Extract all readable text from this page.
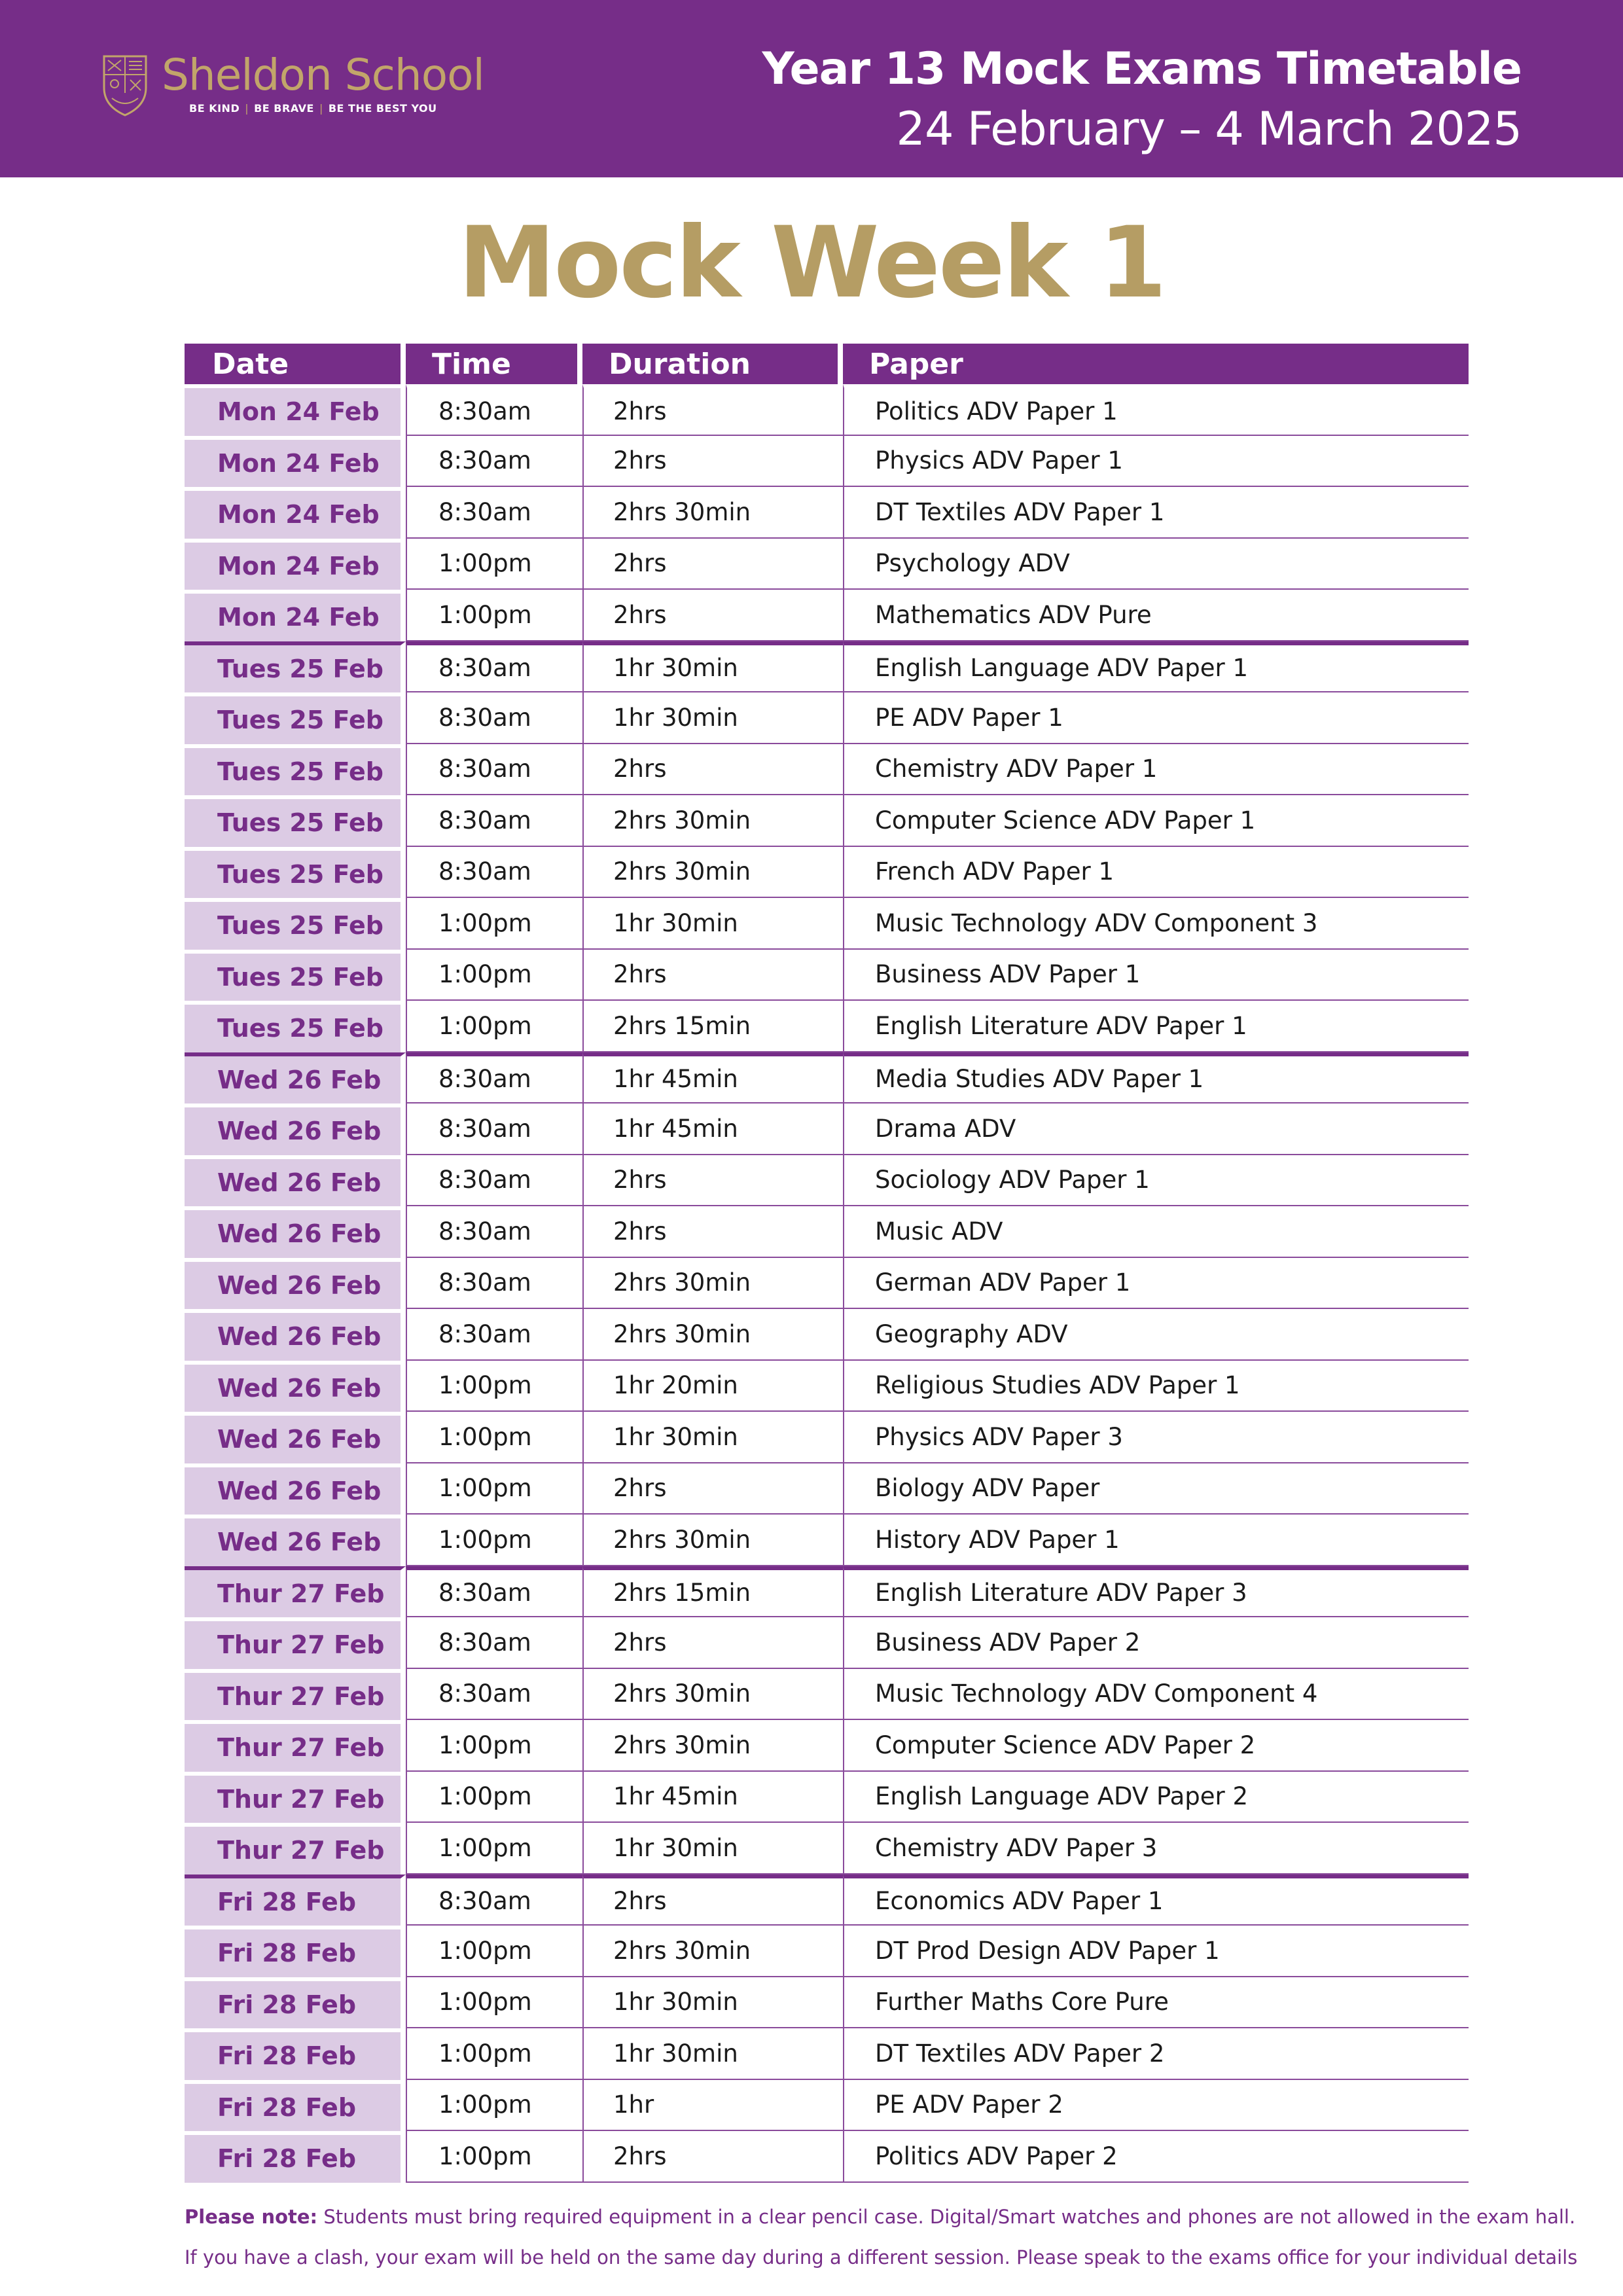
Sheldon School
BE KIND | BE BRAVE | BE THE BEST YOU
Year 13 Mock Exams Timetable
24 February – 4 March 2025
Mock Week 1
Date	Time	Duration	Paper
Mon 24 Feb	8:30am	2hrs	Politics ADV Paper 1
Mon 24 Feb	8:30am	2hrs	Physics ADV Paper 1
Mon 24 Feb	8:30am	2hrs 30min	DT Textiles ADV Paper 1
Mon 24 Feb	1:00pm	2hrs	Psychology ADV
Mon 24 Feb	1:00pm	2hrs	Mathematics ADV Pure
Tues 25 Feb	8:30am	1hr 30min	English Language ADV Paper 1
Tues 25 Feb	8:30am	1hr 30min	PE ADV Paper 1
Tues 25 Feb	8:30am	2hrs	Chemistry ADV Paper 1
Tues 25 Feb	8:30am	2hrs 30min	Computer Science ADV Paper 1
Tues 25 Feb	8:30am	2hrs 30min	French ADV Paper 1
Tues 25 Feb	1:00pm	1hr 30min	Music Technology ADV Component 3
Tues 25 Feb	1:00pm	2hrs	Business ADV Paper 1
Tues 25 Feb	1:00pm	2hrs 15min	English Literature ADV Paper 1
Wed 26 Feb	8:30am	1hr 45min	Media Studies ADV Paper 1
Wed 26 Feb	8:30am	1hr 45min	Drama ADV
Wed 26 Feb	8:30am	2hrs	Sociology ADV Paper 1
Wed 26 Feb	8:30am	2hrs	Music ADV
Wed 26 Feb	8:30am	2hrs 30min	German ADV Paper 1
Wed 26 Feb	8:30am	2hrs 30min	Geography ADV
Wed 26 Feb	1:00pm	1hr 20min	Religious Studies ADV Paper 1
Wed 26 Feb	1:00pm	1hr 30min	Physics ADV Paper 3
Wed 26 Feb	1:00pm	2hrs	Biology ADV Paper
Wed 26 Feb	1:00pm	2hrs 30min	History ADV Paper 1
Thur 27 Feb	8:30am	2hrs 15min	English Literature ADV Paper 3
Thur 27 Feb	8:30am	2hrs	Business ADV Paper 2
Thur 27 Feb	8:30am	2hrs 30min	Music Technology ADV Component 4
Thur 27 Feb	1:00pm	2hrs 30min	Computer Science ADV Paper 2
Thur 27 Feb	1:00pm	1hr 45min	English Language ADV Paper 2
Thur 27 Feb	1:00pm	1hr 30min	Chemistry ADV Paper 3
Fri 28 Feb	8:30am	2hrs	Economics ADV Paper 1
Fri 28 Feb	1:00pm	2hrs 30min	DT Prod Design ADV Paper 1
Fri 28 Feb	1:00pm	1hr 30min	Further Maths Core Pure
Fri 28 Feb	1:00pm	1hr 30min	DT Textiles ADV Paper 2
Fri 28 Feb	1:00pm	1hr	PE ADV Paper 2
Fri 28 Feb	1:00pm	2hrs	Politics ADV Paper 2
Please note: Students must bring required equipment in a clear pencil case. Digital/Smart watches and phones are not allowed in the exam hall.
If you have a clash, your exam will be held on the same day during a different session. Please speak to the exams office for your individual details
